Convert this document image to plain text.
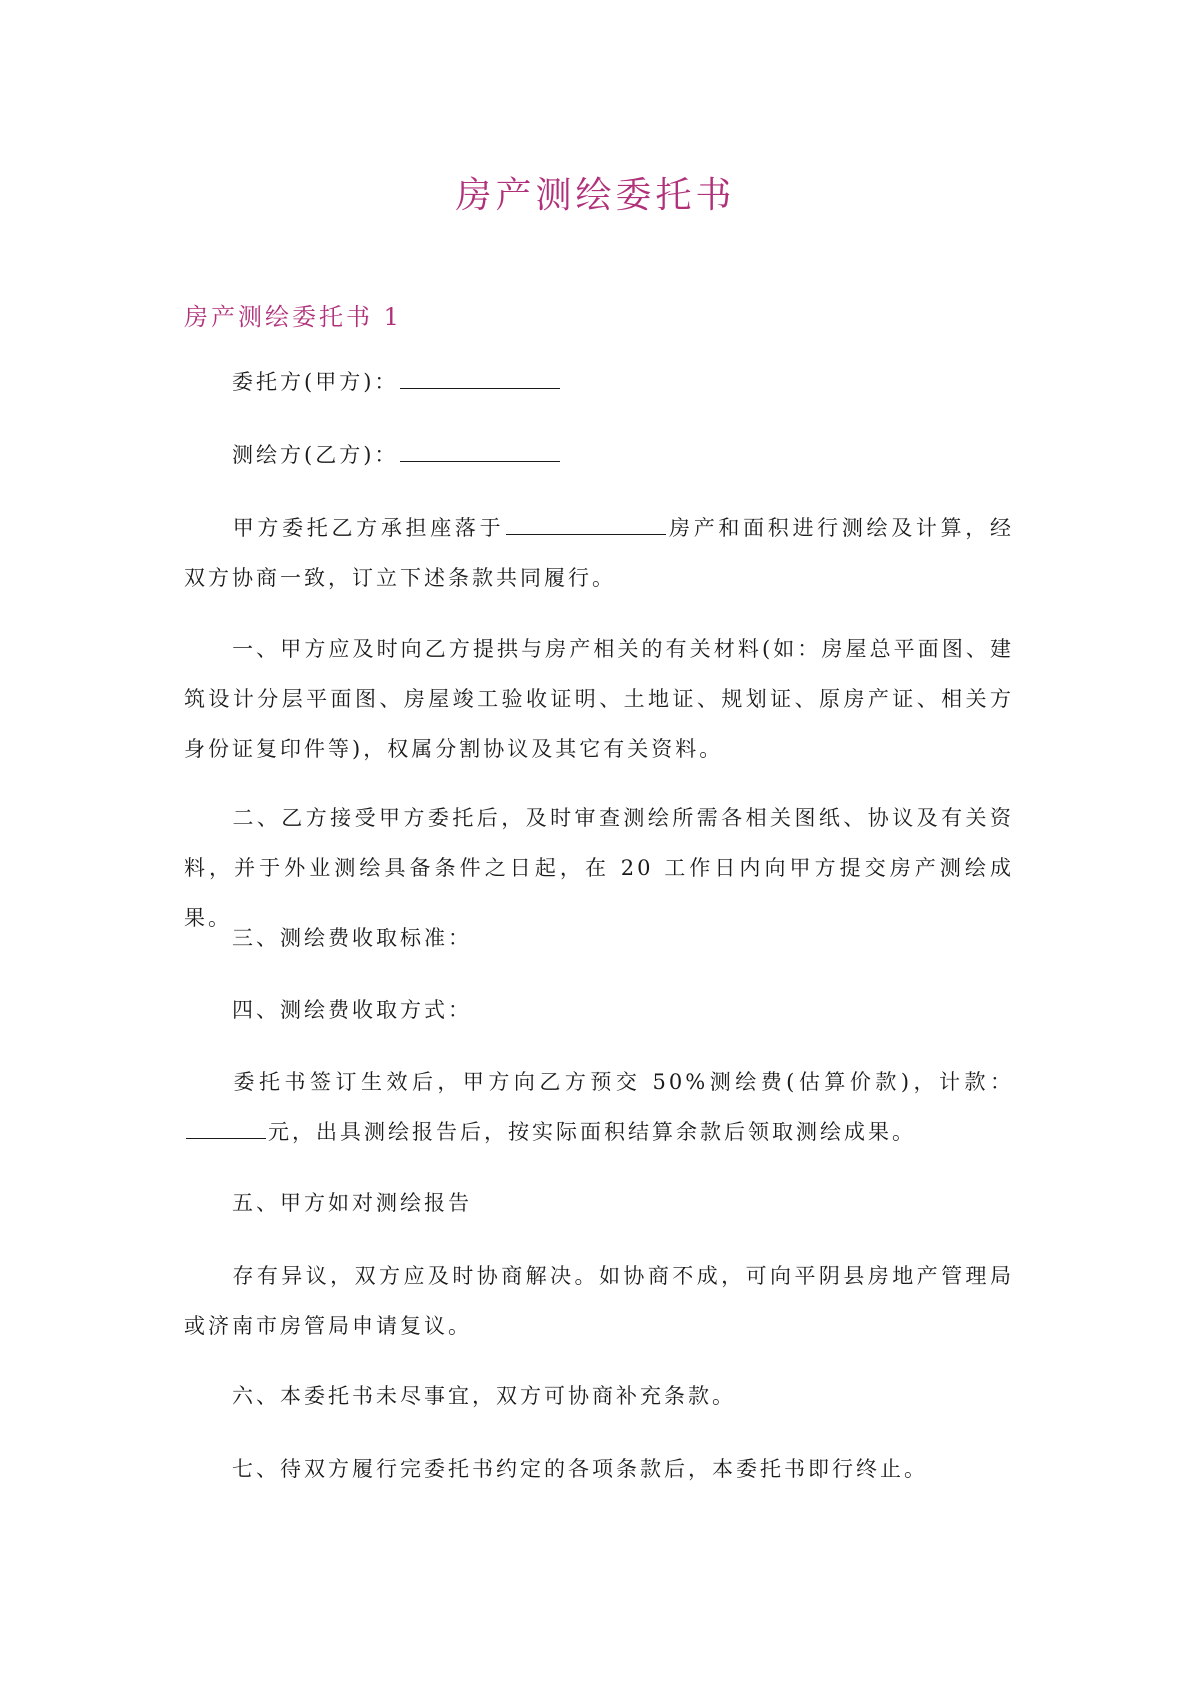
房产测绘委托书
房产测绘委托书 1
委托方(甲方)：
测绘方(乙方)：
甲方委托乙方承担座落于	房产和面积进行测绘及计算，经双方协商一致，订立下述条款共同履行。
一、甲方应及时向乙方提拱与房产相关的有关材料(如：房屋总平面图、建筑设计分层平面图、房屋竣工验收证明、土地证、规划证、原房产证、相关方身份证复印件等)，权属分割协议及其它有关资料。
二、乙方接受甲方委托后，及时审查测绘所需各相关图纸、协议及有关资料，并于外业测绘具备条件之日起，在 20 工作日内向甲方提交房产测绘成果。
三、测绘费收取标准：
四、测绘费收取方式：
委托书签订生效后，甲方向乙方预交 50%测绘费(估算价款)，计款：元，出具测绘报告后，按实际面积结算余款后领取测绘成果。
五、甲方如对测绘报告
存有异议，双方应及时协商解决。如协商不成，可向平阴县房地产管理局或济南市房管局申请复议。
六、本委托书未尽事宜，双方可协商补充条款。
七、待双方履行完委托书约定的各项条款后，本委托书即行终止。
